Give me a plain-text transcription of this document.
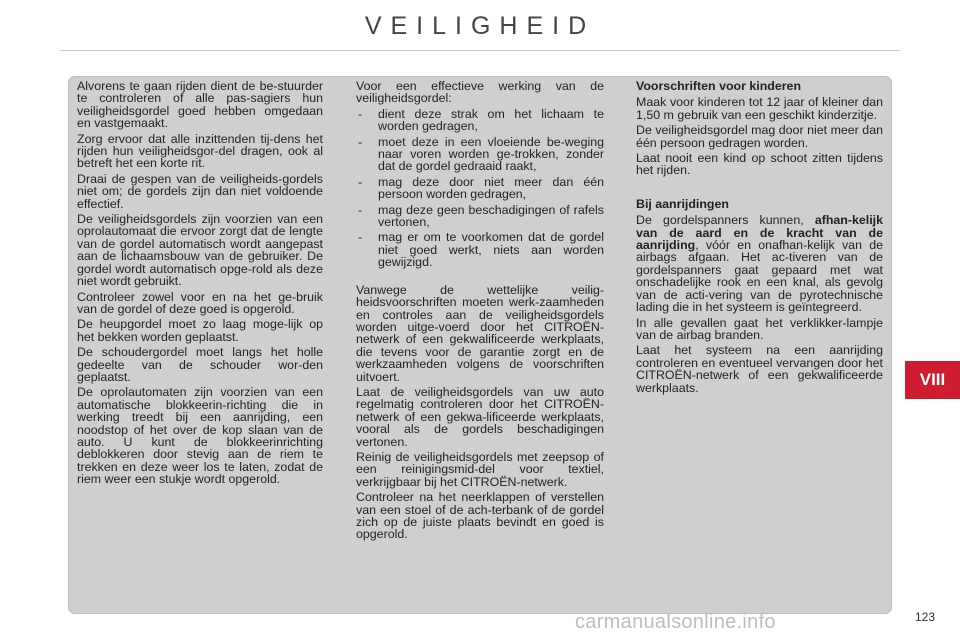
VEILIGHEID

Alvorens te gaan rijden dient de be-stuurder te controleren of alle pas-sagiers hun veiligheidsgordel goed hebben omgedaan en vastgemaakt.

Zorg ervoor dat alle inzittenden tij-dens het rijden hun veiligheidsgor-del dragen, ook al betreft het een korte rit.

Draai de gespen van de veiligheids-gordels niet om; de gordels zijn dan niet voldoende effectief.

De veiligheidsgordels zijn voorzien van een oprolautomaat die ervoor zorgt dat de lengte van de gordel automatisch wordt aangepast aan de lichaamsbouw van de gebruiker. De gordel wordt automatisch opge-rold als deze niet wordt gebruikt.

Controleer zowel voor en na het ge-bruik van de gordel of deze goed is opgerold.

De heupgordel moet zo laag moge-lijk op het bekken worden geplaatst.

De schoudergordel moet langs het holle gedeelte van de schouder wor-den geplaatst.

De oprolautomaten zijn voorzien van een automatische blokkeerin-richting die in werking treedt bij een aanrijding, een noodstop of het over de kop slaan van de auto. U kunt de blokkeerinrichting deblokkeren door stevig aan de riem te trekken en deze weer los te laten, zodat de riem weer een stukje wordt opgerold.

Voor een effectieve werking van de veiligheidsgordel:

- dient deze strak om het lichaam te worden gedragen,
- moet deze in een vloeiende be-weging naar voren worden ge-trokken, zonder dat de gordel gedraaid raakt,
- mag deze door niet meer dan één persoon worden gedragen,
- mag deze geen beschadigingen of rafels vertonen,
- mag er om te voorkomen dat de gordel niet goed werkt, niets aan worden gewijzigd.

Vanwege de wettelijke veilig-heidsvoorschriften moeten werk-zaamheden en controles aan de veiligheidsgordels worden uitge-voerd door het CITROËN-netwerk of een gekwalificeerde werkplaats, die tevens voor de garantie zorgt en de werkzaamheden volgens de voorschriften uitvoert.

Laat de veiligheidsgordels van uw auto regelmatig controleren door het CITROËN-netwerk of een gekwa-lificeerde werkplaats, vooral als de gordels beschadigingen vertonen.

Reinig de veiligheidsgordels met zeepsop of een reinigingsmid-del voor textiel, verkrijgbaar bij het CITROËN-netwerk.

Controleer na het neerklappen of verstellen van een stoel of de ach-terbank of de gordel zich op de juiste plaats bevindt en goed is opgerold.

Voorschriften voor kinderen

Maak voor kinderen tot 12 jaar of kleiner dan 1,50 m gebruik van een geschikt kinderzitje.

De veiligheidsgordel mag door niet meer dan één persoon gedragen worden.

Laat nooit een kind op schoot zitten tijdens het rijden.

Bij aanrijdingen

De gordelspanners kunnen, afhan-kelijk van de aard en de kracht van de aanrijding, vóór en onafhan-kelijk van de airbags afgaan. Het ac-tiveren van de gordelspanners gaat gepaard met wat onschadelijke rook en een knal, als gevolg van de acti-vering van de pyrotechnische lading die in het systeem is geïntegreerd.

In alle gevallen gaat het verklikker-lampje van de airbag branden.

Laat het systeem na een aanrijding controleren en eventueel vervangen door het CITROËN-netwerk of een gekwalificeerde werkplaats.	VIII
carmanualsonline.info	123
